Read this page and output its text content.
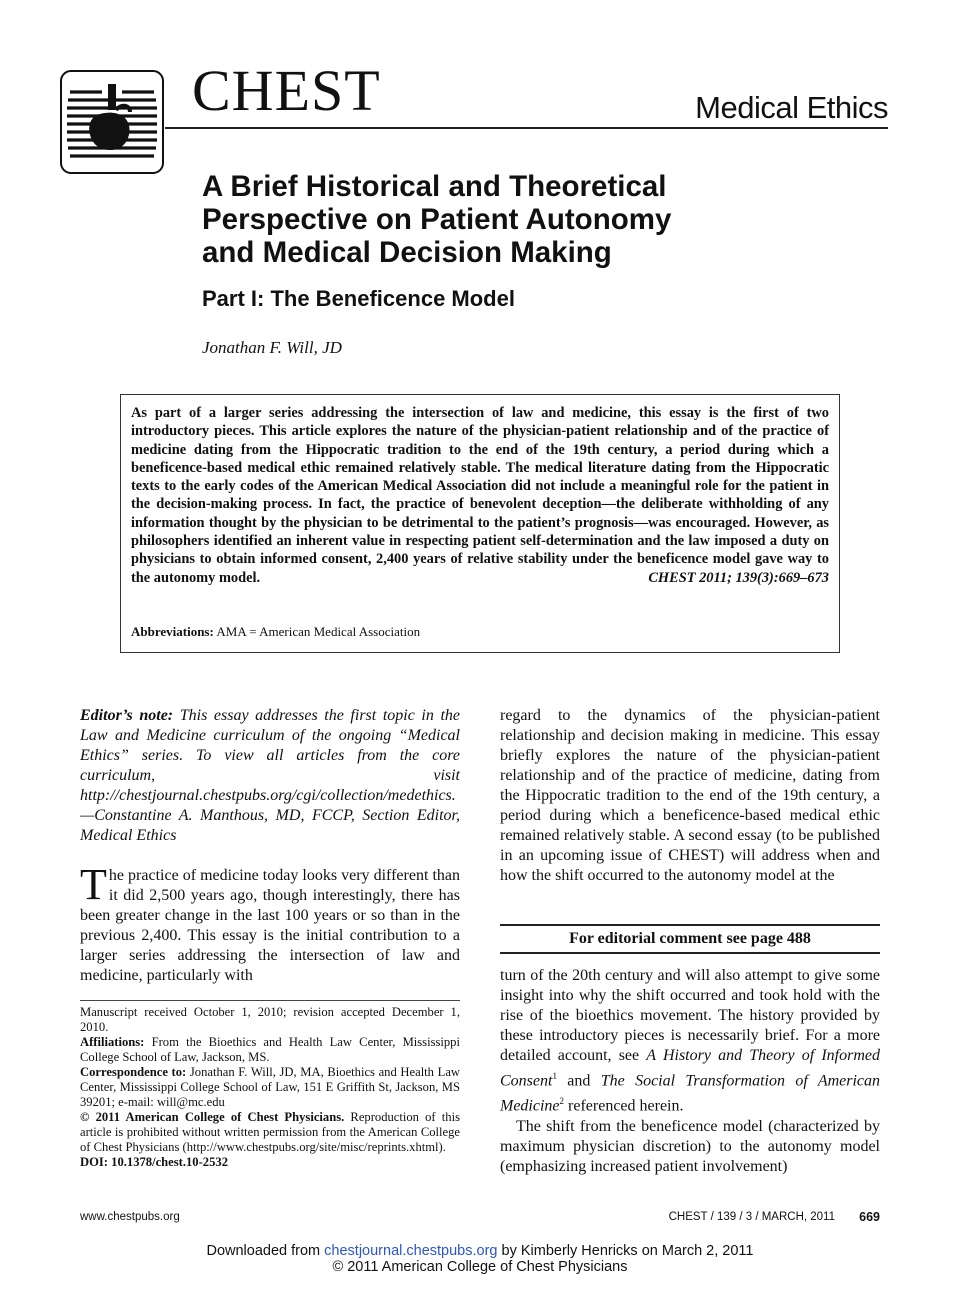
CHEST	Medical Ethics
A Brief Historical and Theoretical
Perspective on Patient Autonomy
and Medical Decision Making
Part I: The Beneficence Model
Jonathan F. Will, JD
As part of a larger series addressing the intersection of law and medicine, this essay is the first of two introductory pieces. This article explores the nature of the physician-patient relationship and of the practice of medicine dating from the Hippocratic tradition to the end of the 19th century, a period during which a beneficence-based medical ethic remained relatively stable. The medical literature dating from the Hippocratic texts to the early codes of the American Medical Association did not include a meaningful role for the patient in the decision-making process. In fact, the practice of benevolent deception—the deliberate withholding of any information thought by the physician to be detrimental to the patient’s prognosis—was encouraged. However, as philosophers identified an inherent value in respecting patient self-determination and the law imposed a duty on physicians to obtain informed consent, 2,400 years of relative stability under the beneficence model gave way to the autonomy model.	CHEST 2011; 139(3):669–673
Abbreviations: AMA = American Medical Association
Editor’s note: This essay addresses the first topic in the Law and Medicine curriculum of the ongoing “Medical Ethics” series. To view all articles from the core curriculum, visit http://chestjournal.chestpubs.org/cgi/collection/medethics.
—Constantine A. Manthous, MD, FCCP, Section Editor, Medical Ethics
The practice of medicine today looks very different than it did 2,500 years ago, though interestingly, there has been greater change in the last 100 years or so than in the previous 2,400. This essay is the initial contribution to a larger series addressing the intersection of law and medicine, particularly with

Manuscript received October 1, 2010; revision accepted December 1, 2010.

Affiliations: From the Bioethics and Health Law Center, Mississippi College School of Law, Jackson, MS.

Correspondence to: Jonathan F. Will, JD, MA, Bioethics and Health Law Center, Mississippi College School of Law, 151 E Griffith St, Jackson, MS 39201; e-mail: will@mc.edu

© 2011 American College of Chest Physicians. Reproduction of this article is prohibited without written permission from the American College of Chest Physicians (http://www.chestpubs.org/site/misc/reprints.xhtml).

DOI: 10.1378/chest.10-2532

regard to the dynamics of the physician-patient relationship and decision making in medicine. This essay briefly explores the nature of the physician-patient relationship and of the practice of medicine, dating from the Hippocratic tradition to the end of the 19th century, a period during which a beneficence-based medical ethic remained relatively stable. A second essay (to be published in an upcoming issue of CHEST) will address when and how the shift occurred to the autonomy model at the
For editorial comment see page 488
turn of the 20th century and will also attempt to give some insight into why the shift occurred and took hold with the rise of the bioethics movement. The history provided by these introductory pieces is necessarily brief. For a more detailed account, see A History and Theory of Informed Consent$^1$ and The Social Transformation of American Medicine$^2$ referenced herein.
The shift from the beneficence model (characterized by maximum physician discretion) to the autonomy model (emphasizing increased patient involvement)
www.chestpubs.org	CHEST / 139 / 3 / MARCH, 2011 669
Downloaded from chestjournal.chestpubs.org by Kimberly Henricks on March 2, 2011
© 2011 American College of Chest Physicians
